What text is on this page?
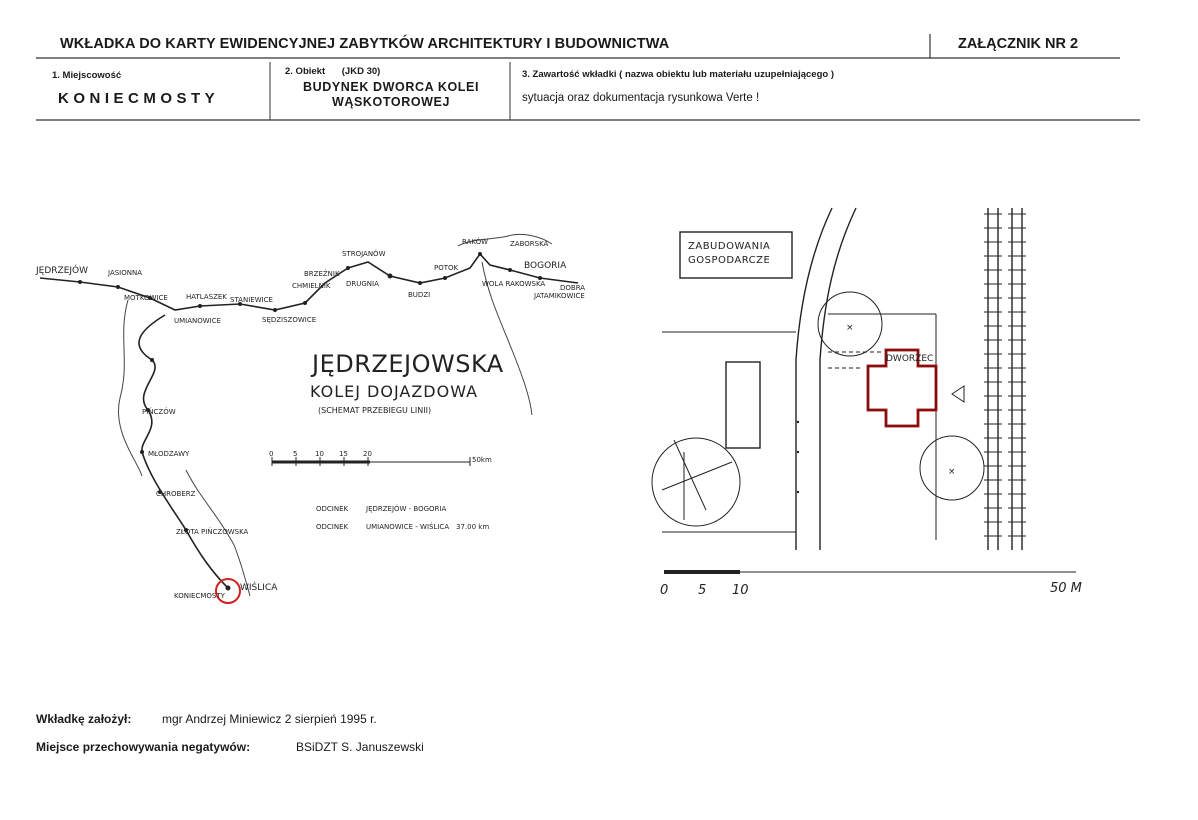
WKŁADKA DO KARTY EWIDENCYJNEJ ZABYTKÓW ARCHITEKTURY I BUDOWNICTWA	ZAŁĄCZNIK NR 2
1. Miejscowość
KONIECMOSTY
2. Obiekt (JKD 30)
BUDYNEK DWORCA KOLEI
WĄSKOTOROWEJ
3. Zawartość wkładki ( nazwa obiektu lub materiału uzupełniającego )
sytuacja oraz dokumentacja rysunkowa Verte !
JĘDRZEJÓW	JASIONNA
MOTKOWICE	HATLASZEK
UMIANOWICE
STANIEWICE
SĘDZISZOWICE
CHMIELNIK
BRZEŹNIK
STROJANÓW
DRUGNIA
BUDZI
POTOK
RAKÓW	ZABORSKA
BOGORIA
WOLA RAKOWSKA DOBRA
JATAMIKOWICE
PIŃCZÓW
MŁODZAWY
CHROBERZ
ZŁOTA PIŃCZOWSKA
KONIECMOSTY
WIŚLICA
JĘDRZEJOWSKA
KOLEJ DOJAZDOWA
(SCHEMAT PRZEBIEGU LINII)
0	5	10 15 20
50km
ODCINEK	JĘDRZEJÓW - BOGORIA
ODCINEK	UMIANOWICE - WIŚLICA 37.00 km
ZABUDOWANIA
GOSPODARCZE
×
×
DWORZEC
0 5 10	50 M
Wkładkę założył:	mgr Andrzej Miniewicz 2 sierpień 1995 r.
Miejsce przechowywania negatywów:	BSiDZT S. Januszewski
